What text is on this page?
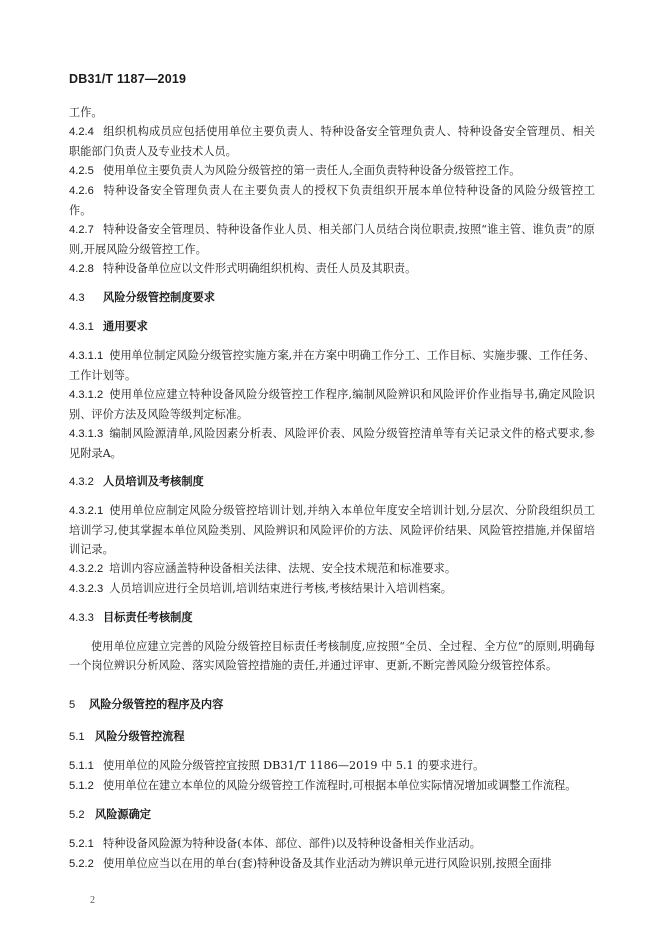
DB31/T 1187—2019

工作。

4.2.4 组织机构成员应包括使用单位主要负责人、特种设备安全管理负责人、特种设备安全管理员、相关职能部门负责人及专业技术人员。

4.2.5 使用单位主要负责人为风险分级管控的第一责任人,全面负责特种设备分级管控工作。

4.2.6 特种设备安全管理负责人在主要负责人的授权下负责组织开展本单位特种设备的风险分级管控工作。

4.2.7 特种设备安全管理员、特种设备作业人员、相关部门人员结合岗位职责,按照“谁主管、谁负责”的原则,开展风险分级管控工作。

4.2.8 特种设备单位应以文件形式明确组织机构、责任人员及其职责。

4.3 风险分级管控制度要求

4.3.1 通用要求

4.3.1.1 使用单位制定风险分级管控实施方案,并在方案中明确工作分工、工作目标、实施步骤、工作任务、工作计划等。

4.3.1.2 使用单位应建立特种设备风险分级管控工作程序,编制风险辨识和风险评价作业指导书,确定风险识别、评价方法及风险等级判定标准。

4.3.1.3 编制风险源清单,风险因素分析表、风险评价表、风险分级管控清单等有关记录文件的格式要求,参见附录A。

4.3.2 人员培训及考核制度

4.3.2.1 使用单位应制定风险分级管控培训计划,并纳入本单位年度安全培训计划,分层次、分阶段组织员工培训学习,使其掌握本单位风险类别、风险辨识和风险评价的方法、风险评价结果、风险管控措施,并保留培训记录。

4.3.2.2 培训内容应涵盖特种设备相关法律、法规、安全技术规范和标准要求。

4.3.2.3 人员培训应进行全员培训,培训结束进行考核,考核结果计入培训档案。

4.3.3 目标责任考核制度

使用单位应建立完善的风险分级管控目标责任考核制度,应按照“全员、全过程、全方位”的原则,明确每一个岗位辨识分析风险、落实风险管控措施的责任,并通过评审、更新,不断完善风险分级管控体系。

5 风险分级管控的程序及内容

5.1 风险分级管控流程

5.1.1 使用单位的风险分级管控宜按照 DB31/T 1186—2019 中 5.1 的要求进行。

5.1.2 使用单位在建立本单位的风险分级管控工作流程时,可根据本单位实际情况增加或调整工作流程。

5.2 风险源确定

5.2.1 特种设备风险源为特种设备(本体、部位、部件)以及特种设备相关作业活动。

5.2.2 使用单位应当以在用的单台(套)特种设备及其作业活动为辨识单元进行风险识别,按照全面排

2
